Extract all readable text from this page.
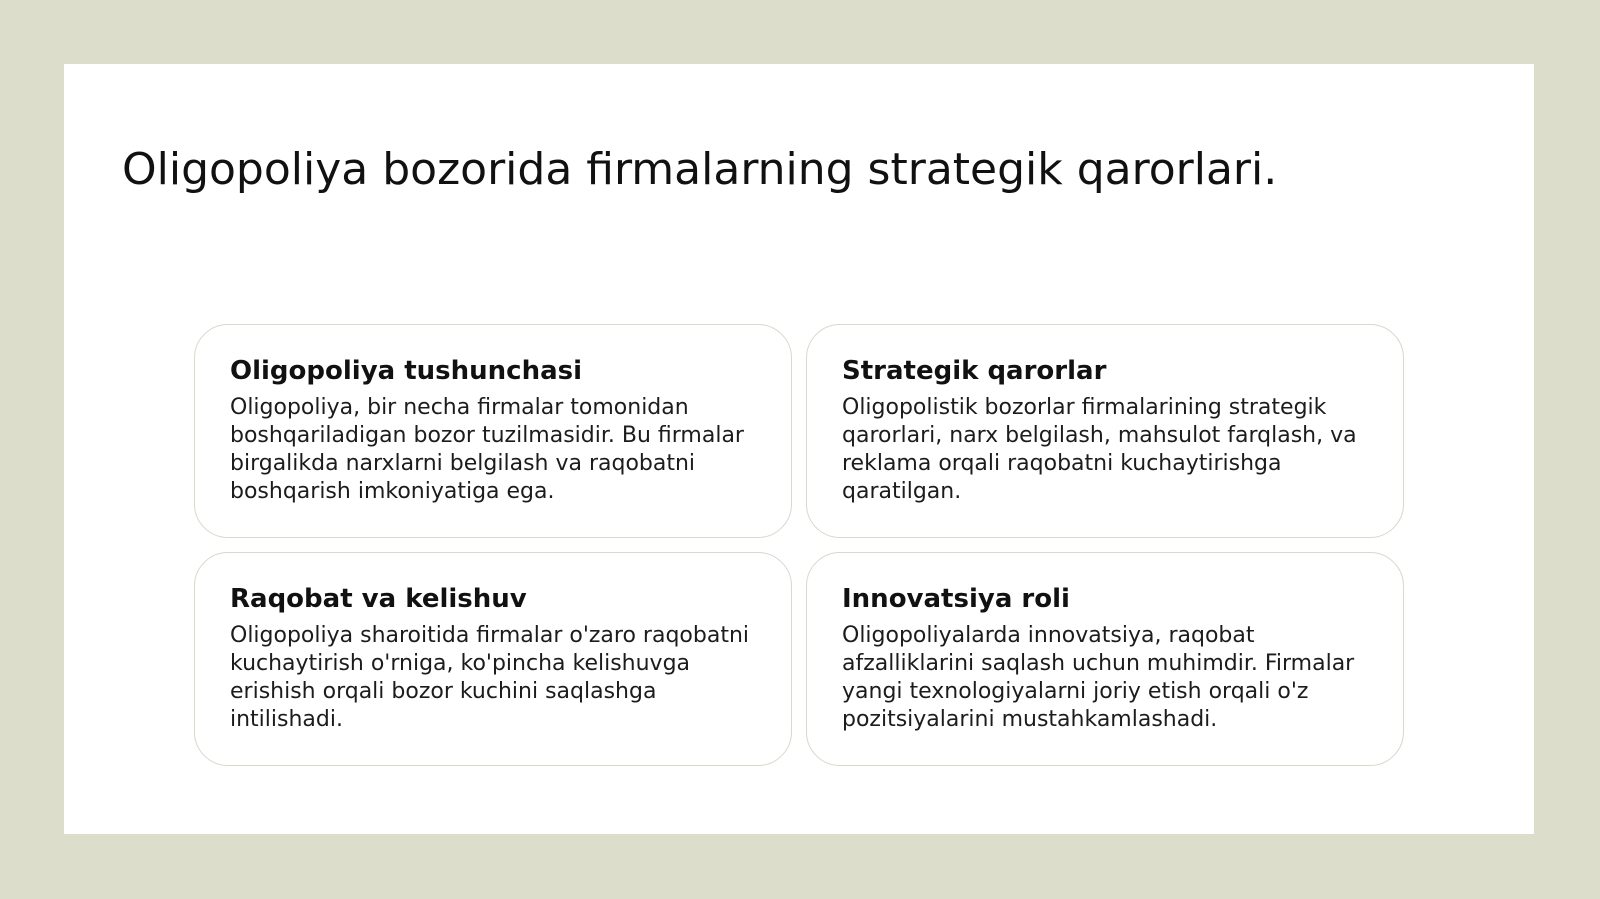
Oligopoliya bozorida firmalarning strategik qarorlari.
Oligopoliya tushunchasi

Oligopoliya, bir necha firmalar tomonidan boshqariladigan bozor tuzilmasidir. Bu firmalar birgalikda narxlarni belgilash va raqobatni boshqarish imkoniyatiga ega.

Strategik qarorlar

Oligopolistik bozorlar firmalarining strategik qarorlari, narx belgilash, mahsulot farqlash, va reklama orqali raqobatni kuchaytirishga qaratilgan.

Raqobat va kelishuv

Oligopoliya sharoitida firmalar o'zaro raqobatni kuchaytirish o'rniga, ko'pincha kelishuvga erishish orqali bozor kuchini saqlashga intilishadi.

Innovatsiya roli

Oligopoliyalarda innovatsiya, raqobat afzalliklarini saqlash uchun muhimdir. Firmalar yangi texnologiyalarni joriy etish orqali o'z pozitsiyalarini mustahkamlashadi.
